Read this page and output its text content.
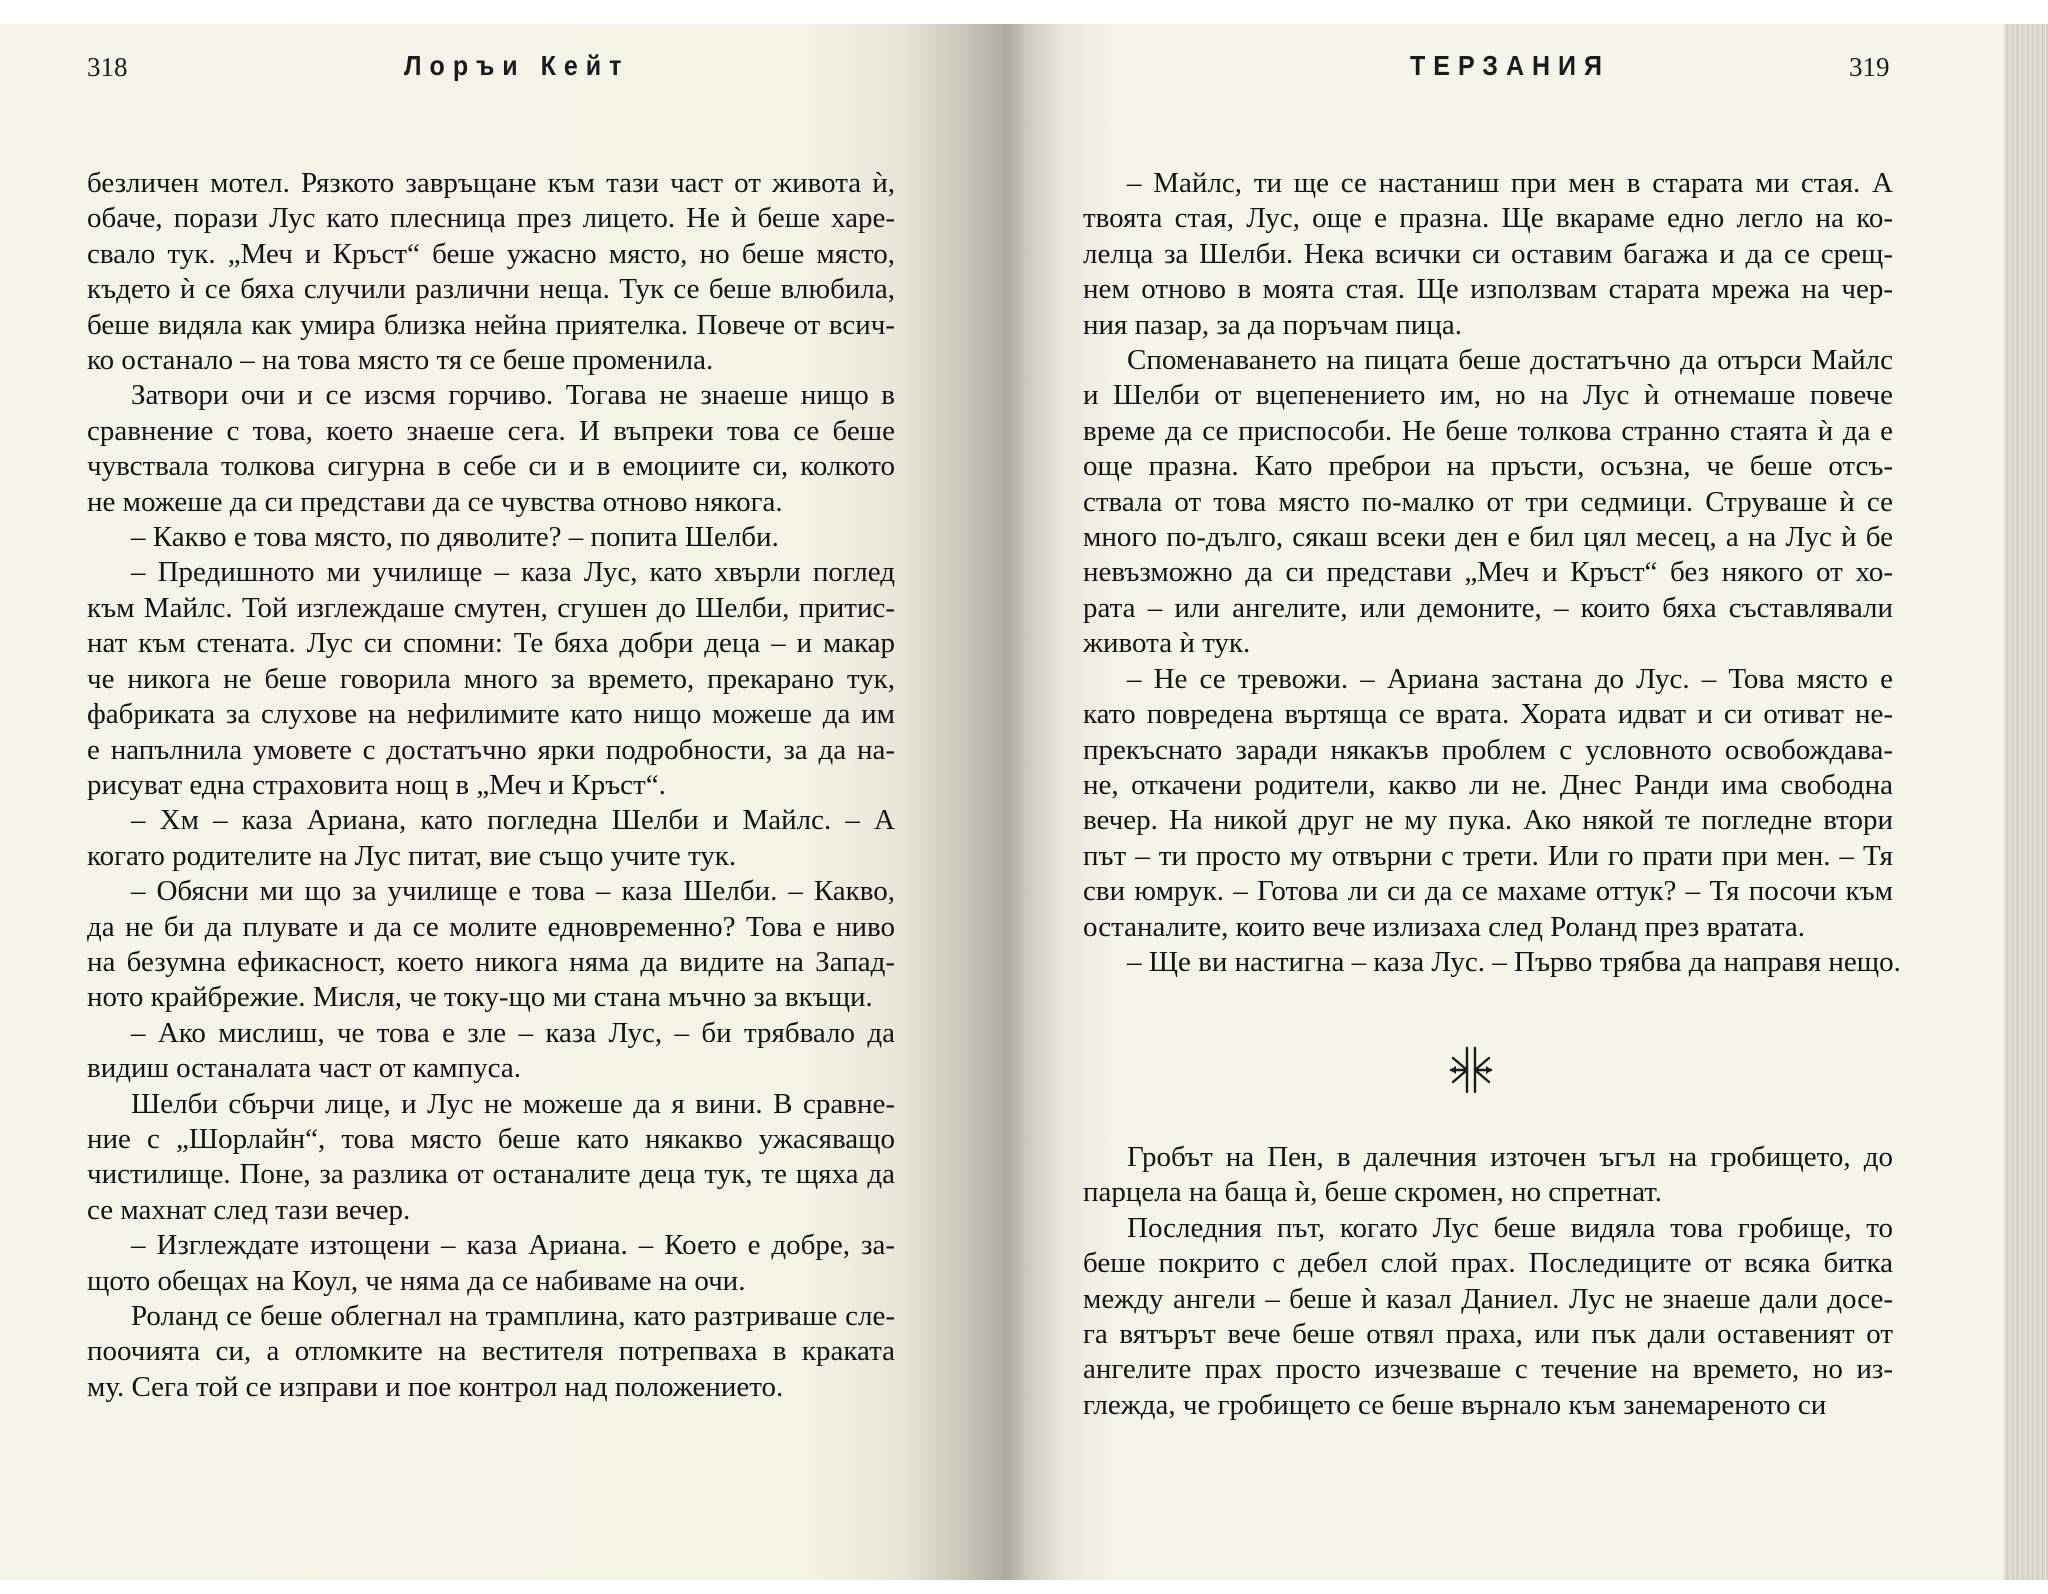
318	Лоръи Кейт	ТЕРЗАНИЯ	319

безличен мотел. Рязкото завръщане към тази част от живота ѝ,
обаче, порази Лус като плесница през лицето. Не ѝ беше харе-
свало тук. „Меч и Кръст“ беше ужасно място, но беше място,
където ѝ се бяха случили различни неща. Тук се беше влюбила,
беше видяла как умира близка нейна приятелка. Повече от всич-
ко останало – на това място тя се беше променила.

Затвори очи и се изсмя горчиво. Тогава не знаеше нищо в
сравнение с това, което знаеше сега. И въпреки това се беше
чувствала толкова сигурна в себе си и в емоциите си, колкото
не можеше да си представи да се чувства отново някога.

– Какво е това място, по дяволите? – попита Шелби.

– Предишното ми училище – каза Лус, като хвърли поглед
към Майлс. Той изглеждаше смутен, сгушен до Шелби, притис-
нат към стената. Лус си спомни: Те бяха добри деца – и макар
че никога не беше говорила много за времето, прекарано тук,
фабриката за слухове на нефилимите като нищо можеше да им
е напълнила умовете с достатъчно ярки подробности, за да на-
рисуват една страховита нощ в „Меч и Кръст“.

– Хм – каза Ариана, като погледна Шелби и Майлс. – А
когато родителите на Лус питат, вие също учите тук.

– Обясни ми що за училище е това – каза Шелби. – Какво,
да не би да плувате и да се молите едновременно? Това е ниво
на безумна ефикасност, което никога няма да видите на Запад-
ното крайбрежие. Мисля, че току-що ми стана мъчно за вкъщи.

– Ако мислиш, че това е зле – каза Лус, – би трябвало да
видиш останалата част от кампуса.

Шелби сбърчи лице, и Лус не можеше да я вини. В сравне-
ние с „Шорлайн“, това място беше като някакво ужасяващо
чистилище. Поне, за разлика от останалите деца тук, те щяха да
се махнат след тази вечер.

– Изглеждате изтощени – каза Ариана. – Което е добре, за-
щото обещах на Коул, че няма да се набиваме на очи.

Роланд се беше облегнал на трамплина, като разтриваше сле-
поочията си, а отломките на вестителя потрепваха в краката
му. Сега той се изправи и пое контрол над положението.

– Майлс, ти ще се настаниш при мен в старата ми стая. А
твоята стая, Лус, още е празна. Ще вкараме едно легло на ко-
лелца за Шелби. Нека всички си оставим багажа и да се срещ-
нем отново в моята стая. Ще използвам старата мрежа на чер-
ния пазар, за да поръчам пица.

Споменаването на пицата беше достатъчно да отърси Майлс
и Шелби от вцепенението им, но на Лус ѝ отнемаше повече
време да се приспособи. Не беше толкова странно стаята ѝ да е
още празна. Като преброи на пръсти, осъзна, че беше отсъ-
ствала от това място по-малко от три седмици. Струваше ѝ се
много по-дълго, сякаш всеки ден е бил цял месец, а на Лус ѝ бе
невъзможно да си представи „Меч и Кръст“ без някого от хо-
рата – или ангелите, или демоните, – които бяха съставлявали
живота ѝ тук.

– Не се тревожи. – Ариана застана до Лус. – Това място е
като повредена въртяща се врата. Хората идват и си отиват не-
прекъснато заради някакъв проблем с условното освобождава-
не, откачени родители, какво ли не. Днес Ранди има свободна
вечер. На никой друг не му пука. Ако някой те погледне втори
път – ти просто му отвърни с трети. Или го прати при мен. – Тя
сви юмрук. – Готова ли си да се махаме оттук? – Тя посочи към
останалите, които вече излизаха след Роланд през вратата.

– Ще ви настигна – каза Лус. – Първо трябва да направя нещо.

Гробът на Пен, в далечния източен ъгъл на гробището, до
парцела на баща ѝ, беше скромен, но спретнат.

Последния път, когато Лус беше видяла това гробище, то
беше покрито с дебел слой прах. Последиците от всяка битка
между ангели – беше ѝ казал Даниел. Лус не знаеше дали досе-
га вятърът вече беше отвял праха, или пък дали оставеният от
ангелите прах просто изчезваше с течение на времето, но из-
глежда, че гробището се беше върнало към занемареното си
